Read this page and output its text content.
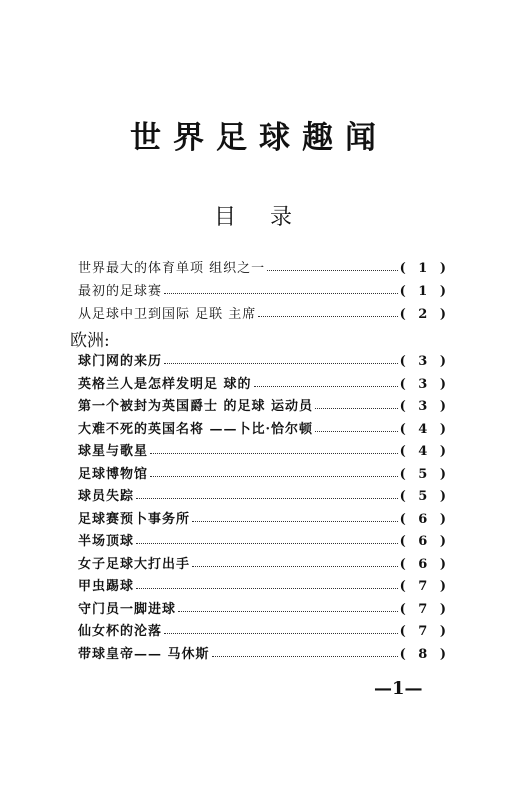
世界足球趣闻
目录
欧洲:
世界最大的体育单项 组织之一	( 1 )
最初的足球赛	( 1 )
从足球中卫到国际 足联 主席	( 2 )
球门网的来历	( 3 )
英格兰人是怎样发明足 球的	( 3 )
第一个被封为英国爵士 的足球 运动员	( 3 )
大难不死的英国名将 ——卜比·恰尔顿	( 4 )
球星与歌星	( 4 )
足球博物馆	( 5 )
球员失踪	( 5 )
足球赛预卜事务所	( 6 )
半场顶球	( 6 )
女子足球大打出手	( 6 )
甲虫踢球	( 7 )
守门员一脚进球	( 7 )
仙女杯的沦落	( 7 )
带球皇帝—— 马休斯	( 8 )
—1—
